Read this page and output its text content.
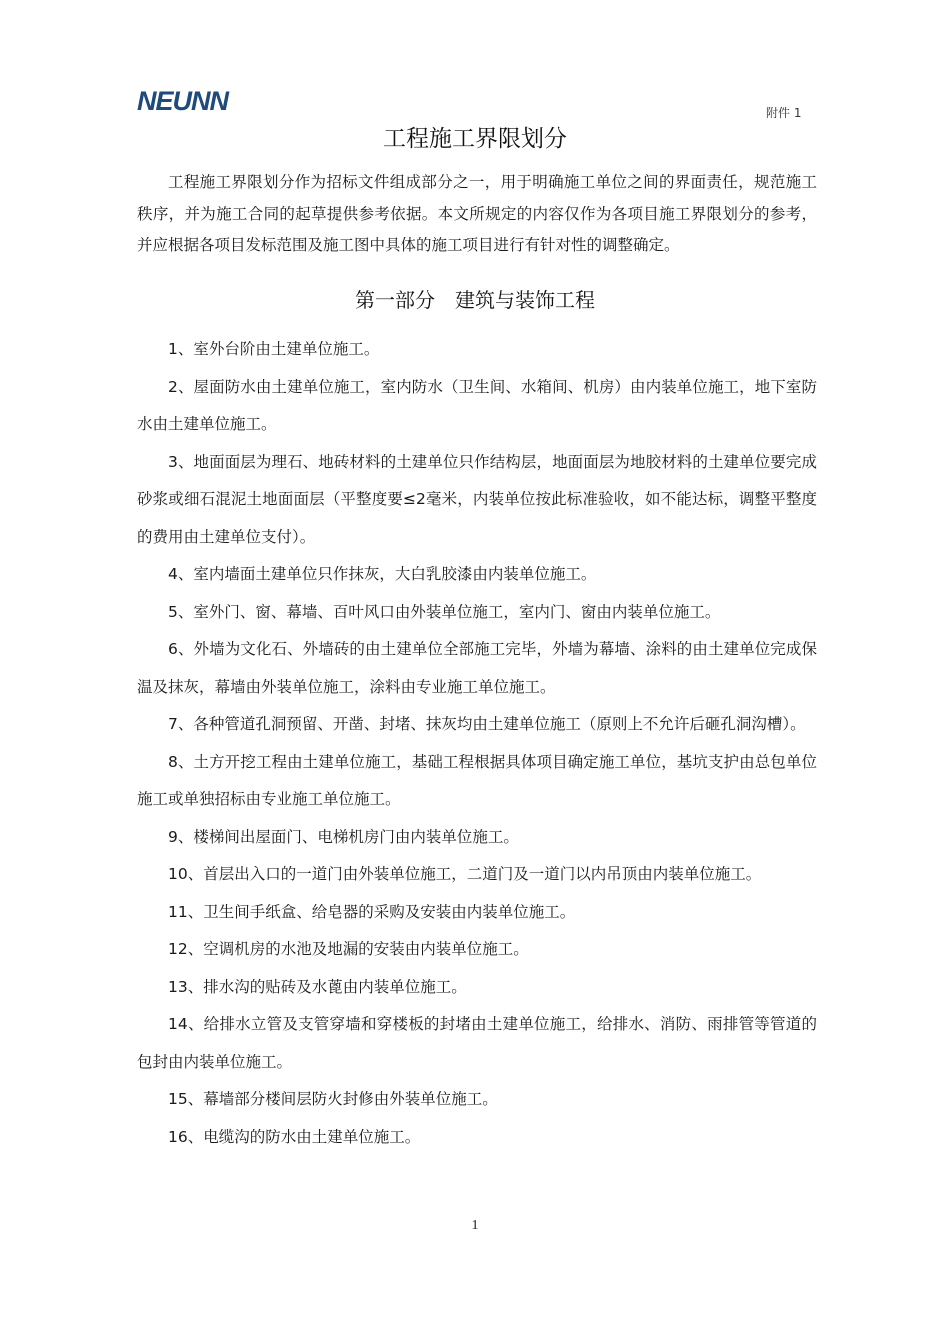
NEUNN	附件 1
工程施工界限划分

工程施工界限划分作为招标文件组成部分之一，用于明确施工单位之间的界面责任，规范施工秩序，并为施工合同的起草提供参考依据。本文所规定的内容仅作为各项目施工界限划分的参考，并应根据各项目发标范围及施工图中具体的施工项目进行有针对性的调整确定。

第一部分　建筑与装饰工程
1、室外台阶由土建单位施工。
2、屋面防水由土建单位施工，室内防水（卫生间、水箱间、机房）由内装单位施工，地下室防水由土建单位施工。
3、地面面层为理石、地砖材料的土建单位只作结构层，地面面层为地胶材料的土建单位要完成砂浆或细石混泥土地面面层（平整度要≤2毫米，内装单位按此标准验收，如不能达标，调整平整度的费用由土建单位支付）。
4、室内墙面土建单位只作抹灰，大白乳胶漆由内装单位施工。
5、室外门、窗、幕墙、百叶风口由外装单位施工，室内门、窗由内装单位施工。
6、外墙为文化石、外墙砖的由土建单位全部施工完毕，外墙为幕墙、涂料的由土建单位完成保温及抹灰，幕墙由外装单位施工，涂料由专业施工单位施工。
7、各种管道孔洞预留、开凿、封堵、抹灰均由土建单位施工（原则上不允许后砸孔洞沟槽）。
8、土方开挖工程由土建单位施工，基础工程根据具体项目确定施工单位，基坑支护由总包单位施工或单独招标由专业施工单位施工。
9、楼梯间出屋面门、电梯机房门由内装单位施工。
10、首层出入口的一道门由外装单位施工，二道门及一道门以内吊顶由内装单位施工。
11、卫生间手纸盒、给皂器的采购及安装由内装单位施工。
12、空调机房的水池及地漏的安装由内装单位施工。
13、排水沟的贴砖及水蓖由内装单位施工。
14、给排水立管及支管穿墙和穿楼板的封堵由土建单位施工，给排水、消防、雨排管等管道的包封由内装单位施工。
15、幕墙部分楼间层防火封修由外装单位施工。
16、电缆沟的防水由土建单位施工。
1
